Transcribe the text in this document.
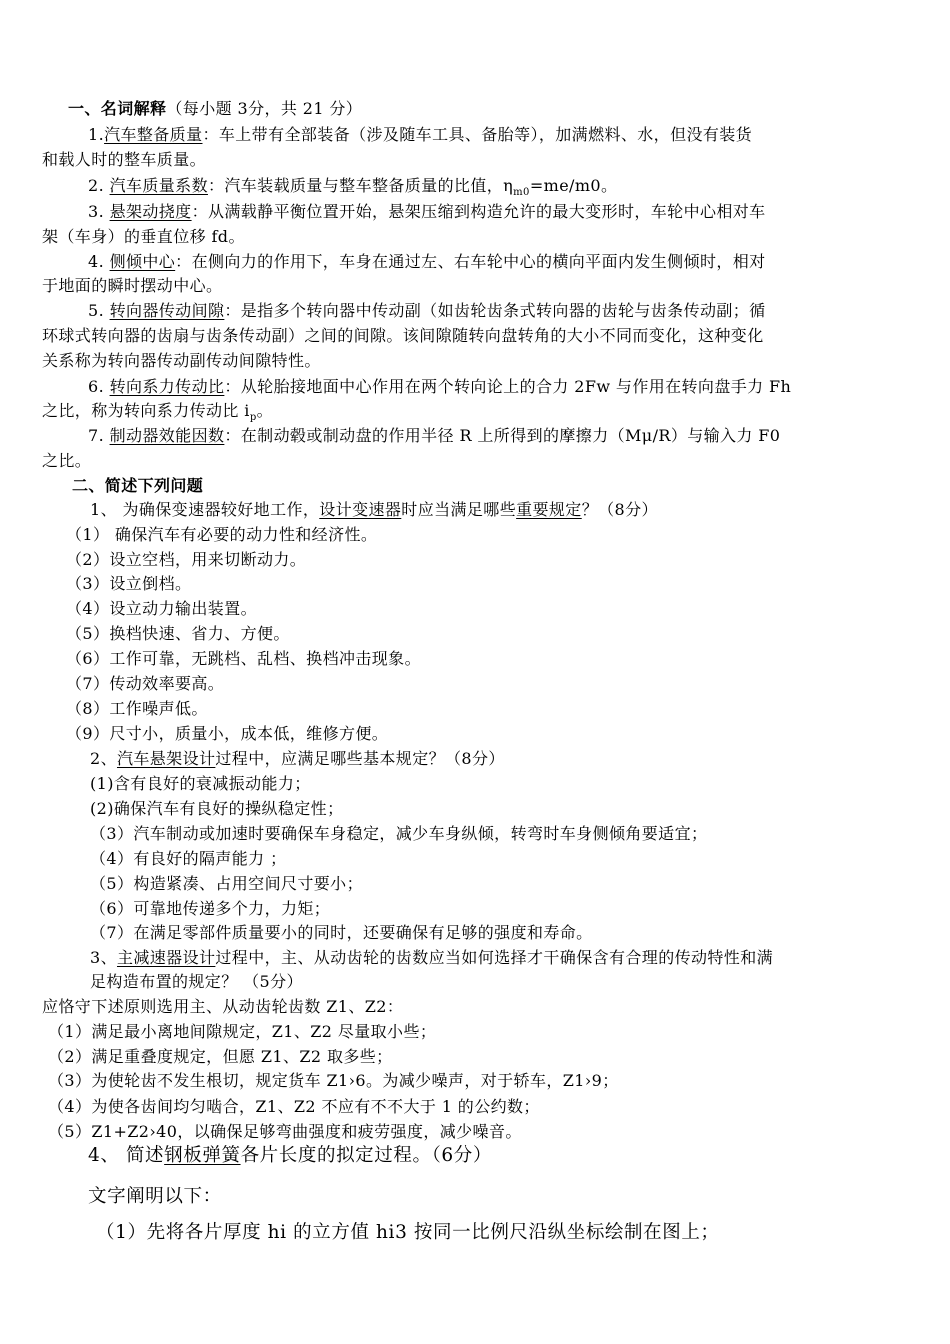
一、名词解释（每小题 3分，共 21 分）
1.汽车整备质量：车上带有全部装备（涉及随车工具、备胎等），加满燃料、水，但没有装货
和载人时的整车质量。
2. 汽车质量系数：汽车装载质量与整车整备质量的比值，$\eta_{m0}=me/m0$。
3. 悬架动挠度：从满载静平衡位置开始，悬架压缩到构造允许的最大变形时，车轮中心相对车
架（车身）的垂直位移 fd。
4. 侧倾中心：在侧向力的作用下，车身在通过左、右车轮中心的横向平面内发生侧倾时，相对
于地面的瞬时摆动中心。
5. 转向器传动间隙：是指多个转向器中传动副（如齿轮齿条式转向器的齿轮与齿条传动副；循
环球式转向器的齿扇与齿条传动副）之间的间隙。该间隙随转向盘转角的大小不同而变化，这种变化
关系称为转向器传动副传动间隙特性。
6. 转向系力传动比：从轮胎接地面中心作用在两个转向论上的合力 2Fw 与作用在转向盘手力 Fh
之比，称为转向系力传动比 $i_p$。
7. 制动器效能因数：在制动毂或制动盘的作用半径 R 上所得到的摩擦力（Mμ/R）与输入力 F0
之比。
二、简述下列问题
1、 为确保变速器较好地工作，设计变速器时应当满足哪些重要规定？（8分）
（1） 确保汽车有必要的动力性和经济性。
（2）设立空档，用来切断动力。
（3）设立倒档。
（4）设立动力输出装置。
（5）换档快速、省力、方便。
（6）工作可靠，无跳档、乱档、换档冲击现象。
（7）传动效率要高。
（8）工作噪声低。
（9）尺寸小，质量小，成本低，维修方便。
2、汽车悬架设计过程中，应满足哪些基本规定？（8分）
(1)含有良好的衰减振动能力；
(2)确保汽车有良好的操纵稳定性；
（3）汽车制动或加速时要确保车身稳定，减少车身纵倾，转弯时车身侧倾角要适宜；
（4）有良好的隔声能力 ；
（5）构造紧凑、占用空间尺寸要小；
（6）可靠地传递多个力，力矩；
（7）在满足零部件质量要小的同时，还要确保有足够的强度和寿命。
3、主减速器设计过程中，主、从动齿轮的齿数应当如何选择才干确保含有合理的传动特性和满
足构造布置的规定？ （5分）
应恪守下述原则选用主、从动齿轮齿数 Z1、Z2：
（1）满足最小离地间隙规定，Z1、Z2 尽量取小些；
（2）满足重叠度规定，但愿 Z1、Z2 取多些；
（3）为使轮齿不发生根切，规定货车 Z1›6。为减少噪声，对于轿车，Z1›9；
（4）为使各齿间均匀啮合，Z1、Z2 不应有不不大于 1 的公约数；
（5）Z1+Z2›40，以确保足够弯曲强度和疲劳强度，减少噪音。
4、 简述钢板弹簧各片长度的拟定过程。（6分）
文字阐明以下：
（1）先将各片厚度 hi 的立方值 hi3 按同一比例尺沿纵坐标绘制在图上；
